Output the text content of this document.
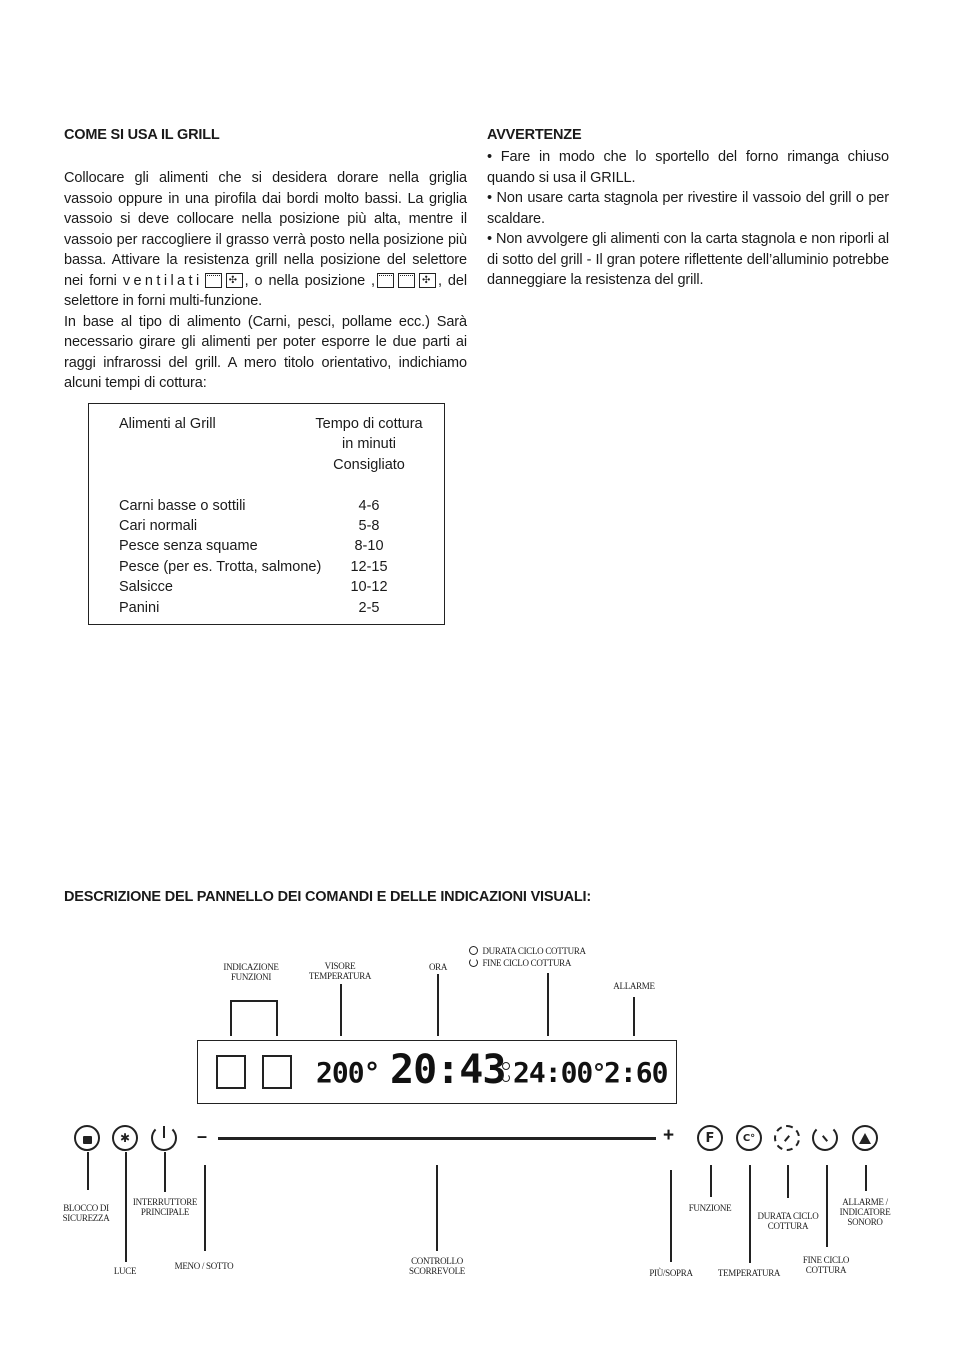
COME SI USA IL GRILL

Collocare gli alimenti che si desidera dorare nella griglia vassoio oppure in una pirofila dai bordi molto bassi. La griglia vassoio si deve collocare nella posizione più alta, mentre il vassoio per raccogliere il grasso verrà posto nella posizione più bassa. Attivare la resistenza grill nella posizione del selettore nei forni ventilati ✣	, o nella posizione , ✣	, del selettore in forni multi-funzione.

In base al tipo di alimento (Carni, pesci, pollame ecc.) Sarà necessario girare gli alimenti per poter esporre le due parti ai raggi infrarossi del grill. A mero titolo orientativo, indichiamo alcuni tempi di cottura:

Alimenti al Grill	Tempo di cottura
in minuti
Consigliato
Carni basse o sottili	4-6
Cari normali	5-8
Pesce senza squame	8-10
Pesce (per es. Trotta, salmone)	12-15
Salsicce	10-12
Panini	2-5
AVVERTENZE

• Fare in modo che lo sportello del forno rimanga chiuso quando si usa il GRILL.

• Non usare carta stagnola per rivestire il vassoio del grill o per scaldare.

• Non avvolgere gli alimenti con la carta stagnola e non riporli al di sotto del grill - Il gran potere riflettente dell’alluminio potrebbe danneggiare la resistenza del grill.

DESCRIZIONE DEL PANNELLO DEI COMANDI E DELLE INDICAZIONI VISUALI:
INDICAZIONE
FUNZIONI
VISORE
TEMPERATURA
ORA
DURATA CICLO COTTURA
FINE CICLO COTTURA
ALLARME
200° 20:43 24:00 2:60
✱	–	+ F	C°
BLOCCO DI
SICUREZZA
LUCE
INTERRUTTORE
PRINCIPALE
MENO / SOTTO	CONTROLLO
SCORREVOLE	PIÙ/SOPRA
FUNZIONE
TEMPERATURA
DURATA CICLO
COTTURA
FINE CICLO
COTTURA
ALLARME /
INDICATORE
SONORO
